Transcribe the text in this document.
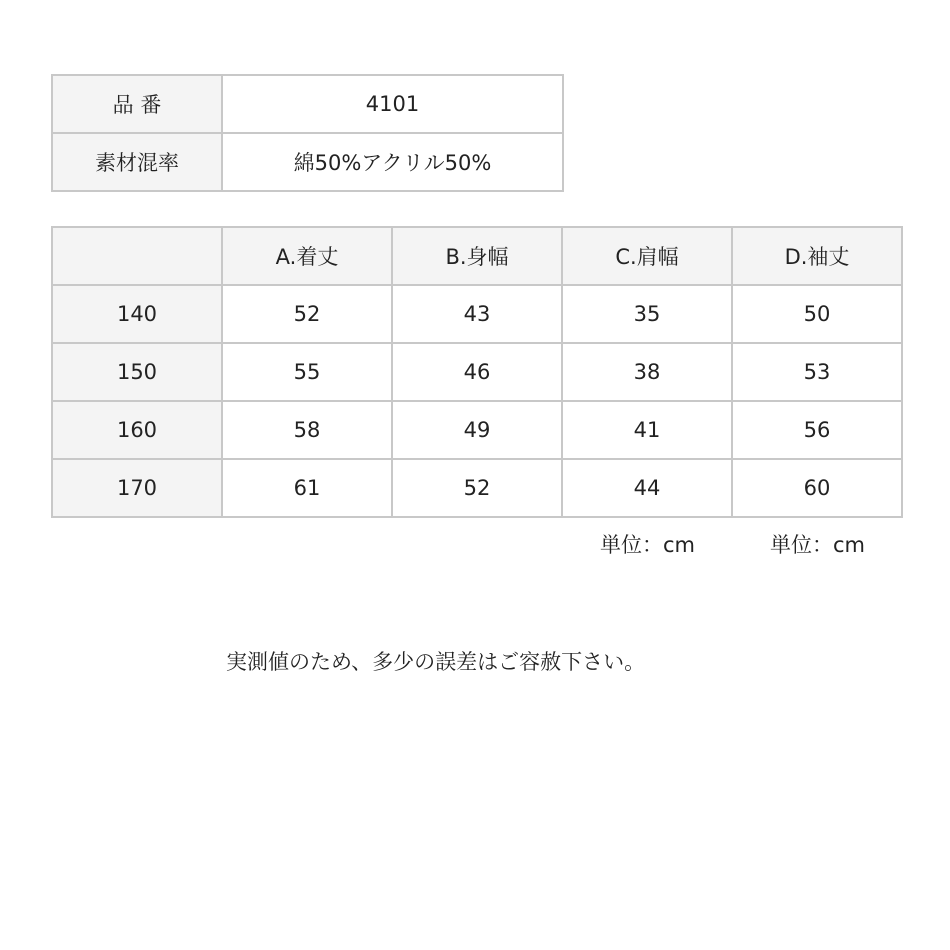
品 番	4101
素材混率	綿50%アクリル50%
	A.着丈	B.身幅	C.肩幅	D.袖丈
140	52	43	35	50
150	55	46	38	53
160	58	49	41	56
170	61	52	44	60
単位：cm	単位：cm
実測値のため、多少の誤差はご容赦下さい。
